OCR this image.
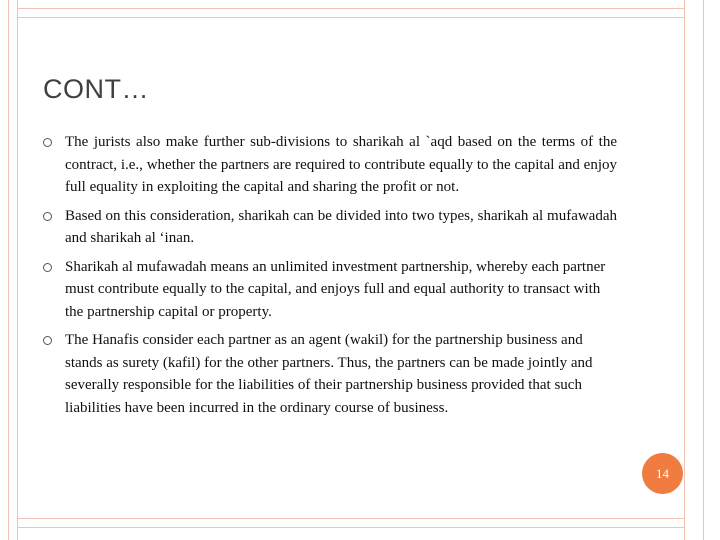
CONT…
The jurists also make further sub-divisions to sharikah al `aqd based on the terms of the contract, i.e., whether the partners are required to contribute equally to the capital and enjoy full equality in exploiting the capital and sharing the profit or not.
Based on this consideration, sharikah can be divided into two types, sharikah al mufawadah and sharikah al ‘inan.
Sharikah al mufawadah means an unlimited investment partnership, whereby each partner must contribute equally to the capital, and enjoys full and equal authority to transact with the partnership capital or property.
The Hanafis consider each partner as an agent (wakil) for the partnership business and stands as surety (kafil) for the other partners. Thus, the partners can be made jointly and severally responsible for the liabilities of their partnership business provided that such liabilities have been incurred in the ordinary course of business.
14
